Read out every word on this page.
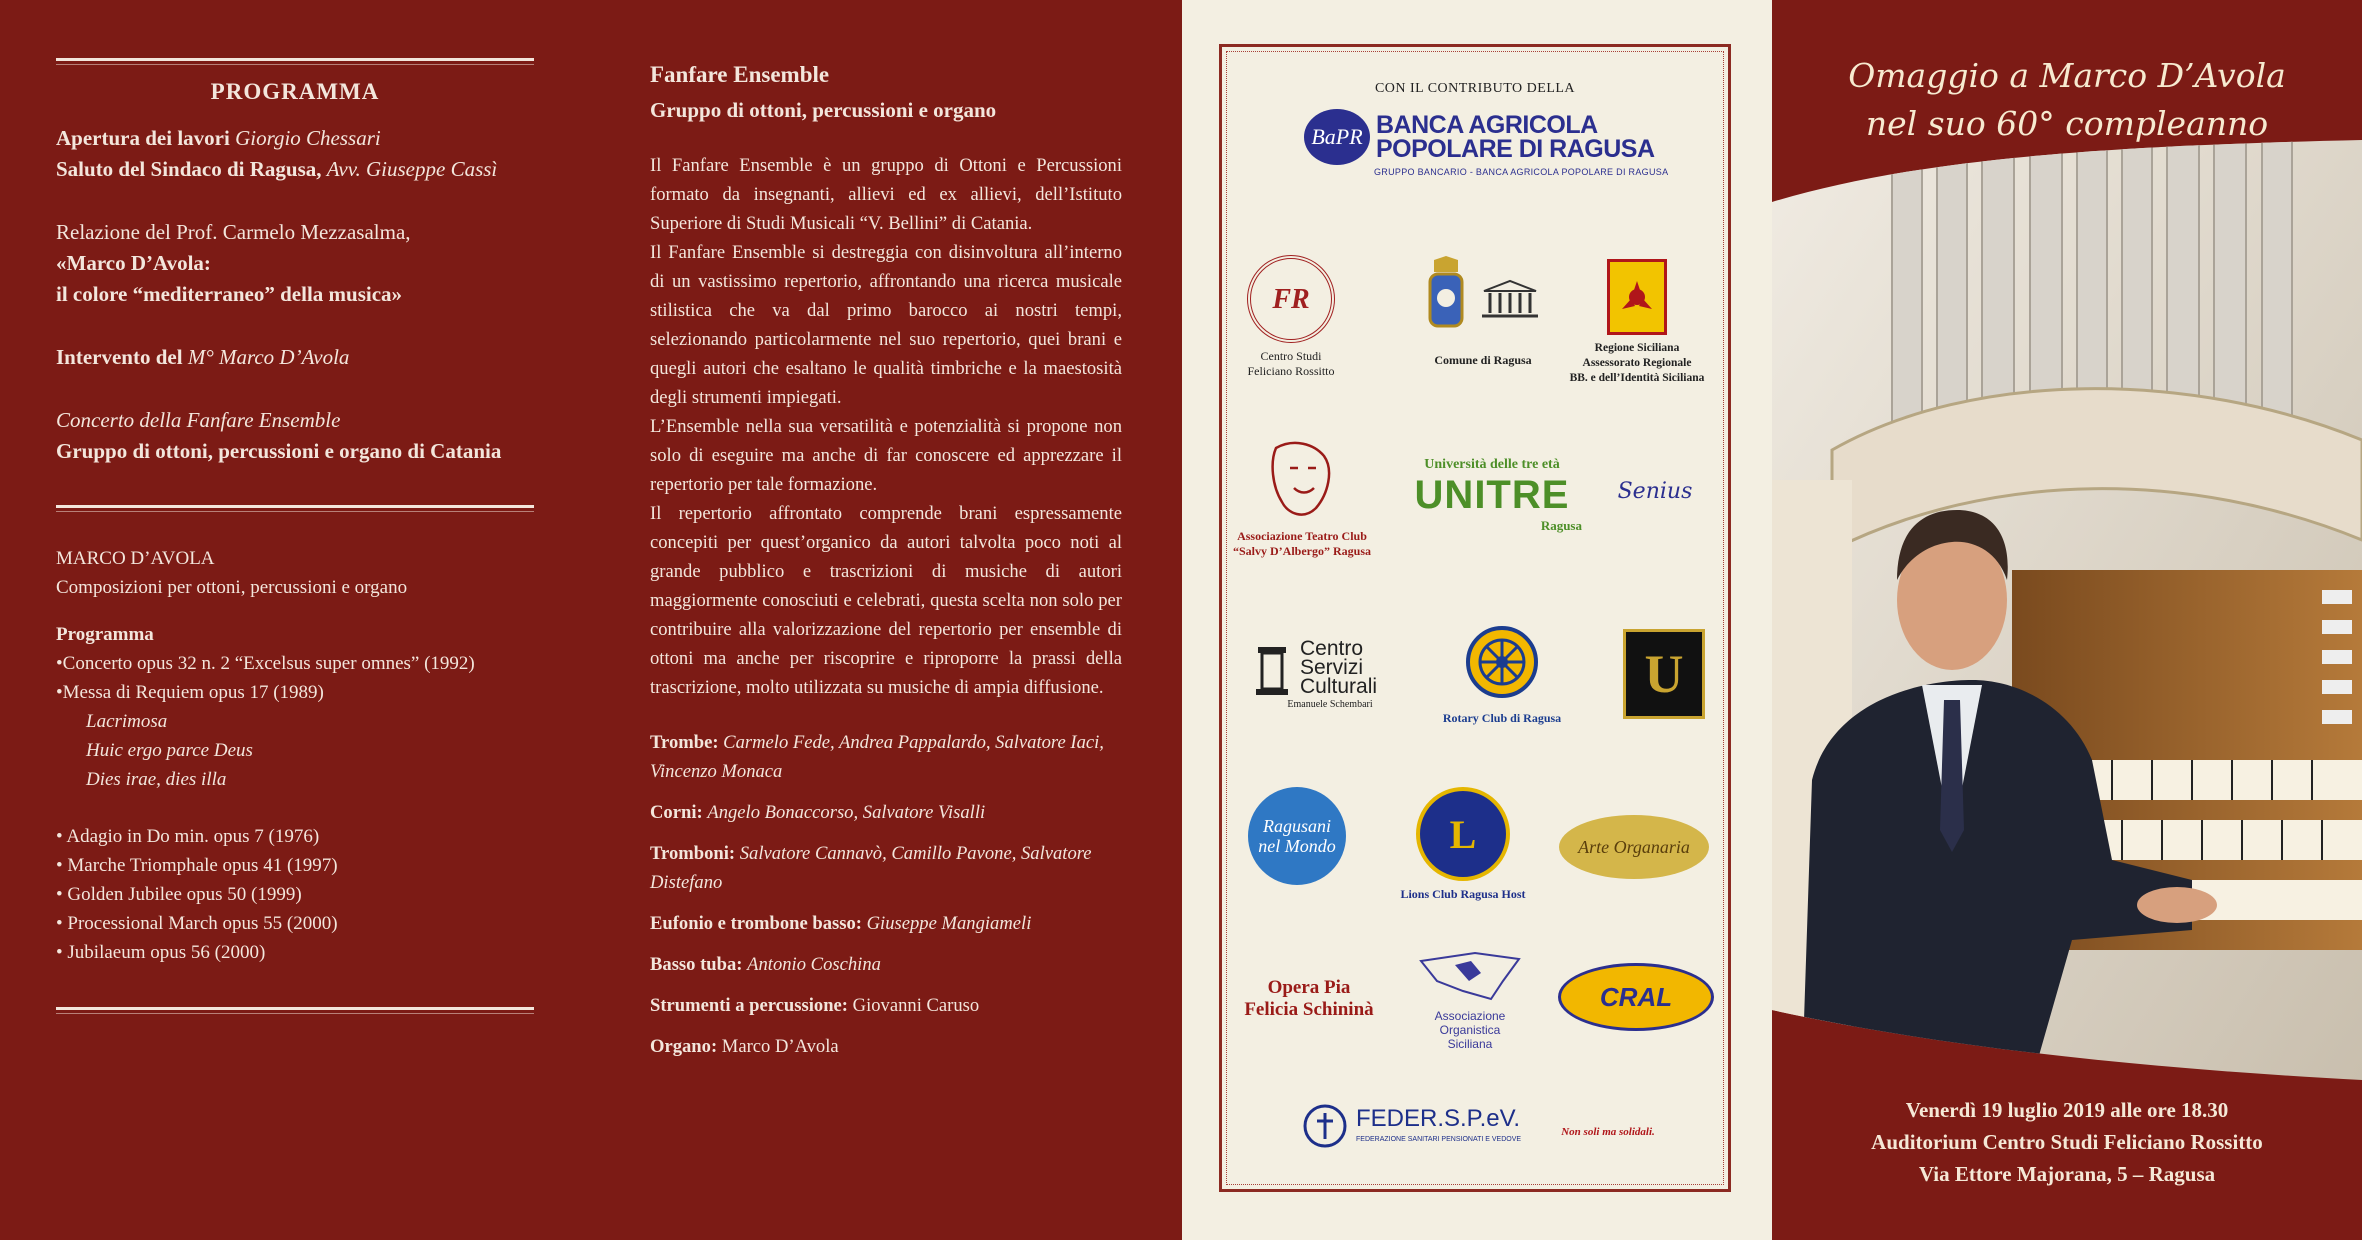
PROGRAMMA

Apertura dei lavori Giorgio Chessari

Saluto del Sindaco di Ragusa, Avv. Giuseppe Cassì

Relazione del Prof. Carmelo Mezzasalma,

«Marco D’Avola:

il colore “mediterraneo” della musica»

Intervento del M° Marco D’Avola

Concerto della Fanfare Ensemble

Gruppo di ottoni, percussioni e organo di Catania

MARCO D’AVOLA

Composizioni per ottoni, percussioni e organo

Programma

•Concerto opus 32 n. 2 “Excelsus super omnes” (1992)

•Messa di Requiem opus 17 (1989)

Lacrimosa

Huic ergo parce Deus

Dies irae, dies illa

• Adagio in Do min. opus 7 (1976)

• Marche Triomphale opus 41 (1997)

• Golden Jubilee opus 50 (1999)

• Processional March opus 55 (2000)

• Jubilaeum opus 56 (2000)

Fanfare Ensemble

Gruppo di ottoni, percussioni e organo

Il Fanfare Ensemble è un gruppo di Ottoni e Percussioni formato da insegnanti, allievi ed ex allievi, dell’Istituto Superiore di Studi Musicali “V. Bellini” di Catania.

Il Fanfare Ensemble si destreggia con disinvoltura all’interno di un vastissimo repertorio, affrontando una ricerca musicale stilistica che va dal primo barocco ai nostri tempi, selezionando particolarmente nel suo repertorio, quei brani e quegli autori che esaltano le qualità timbriche e la maestosità degli strumenti impiegati.

L’Ensemble nella sua versatilità e potenzialità si propone non solo di eseguire ma anche di far conoscere ed apprezzare il repertorio per tale formazione.

Il repertorio affrontato comprende brani espressamente concepiti per quest’organico da autori talvolta poco noti al grande pubblico e trascrizioni di musiche di autori maggiormente conosciuti e celebrati, questa scelta non solo per contribuire alla valorizzazione del repertorio per ensemble di ottoni ma anche per riscoprire e riproporre la prassi della trascrizione, molto utilizzata su musiche di ampia diffusione.

Trombe: Carmelo Fede, Andrea Pappalardo, Salvatore Iaci, Vincenzo Monaca

Corni: Angelo Bonaccorso, Salvatore Visalli

Tromboni: Salvatore Cannavò, Camillo Pavone, Salvatore Distefano

Eufonio e trombone basso: Giuseppe Mangiameli

Basso tuba: Antonio Coschina

Strumenti a percussione: Giovanni Caruso

Organo: Marco D’Avola

CON IL CONTRIBUTO DELLA
BaPR BANCA AGRICOLA
POPOLARE DI RAGUSA
GRUPPO BANCARIO - BANCA AGRICOLA POPOLARE DI RAGUSA
FR
Centro Studi
Feliciano Rossitto
Comune di Ragusa
Regione Siciliana
Assessorato Regionale
BB. e dell’Identità Siciliana
Associazione Teatro Club
“Salvy D’Albergo” Ragusa
Università delle tre età
UNITRE
Ragusa
Senius
Centro
Servizi
Culturali
Emanuele Schembari
Rotary Club di Ragusa
U
Ragusani
nel Mondo	L
Lions Club Ragusa Host
Arte Organaria
Opera Pia
Felicia Schininà	Associazione
Organistica
Siciliana
CRAL
FEDER.S.P.eV.
FEDERAZIONE SANITARI PENSIONATI E VEDOVE
Non soli ma solidali.
Omaggio a Marco D’Avola
nel suo 60° compleanno
Venerdì 19 luglio 2019 alle ore 18.30
Auditorium Centro Studi Feliciano Rossitto
Via Ettore Majorana, 5 – Ragusa
